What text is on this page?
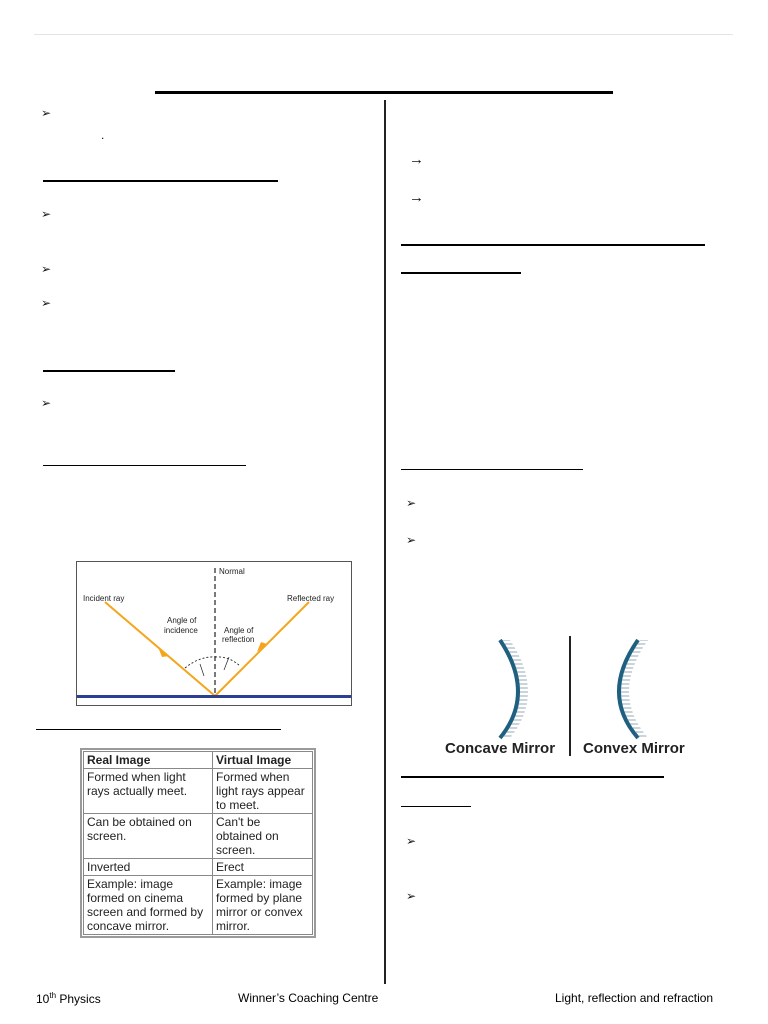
➢
.
➢
➢
➢
➢
Normal
Incident ray	Reflected ray
Angle of
incidence	Angle of
reflection
Real Image	Virtual Image
Formed when light rays actually meet.	Formed when light rays appear to meet.
Can be obtained on screen.	Can't be obtained on screen.
Inverted	Erect
Example: image formed on cinema screen and formed by concave mirror.	Example: image formed by plane mirror or convex mirror.
→
→
➢
➢
Concave Mirror Convex Mirror
➢
➢
10th Physics	Winner’s Coaching Centre	Light, reflection and refraction
